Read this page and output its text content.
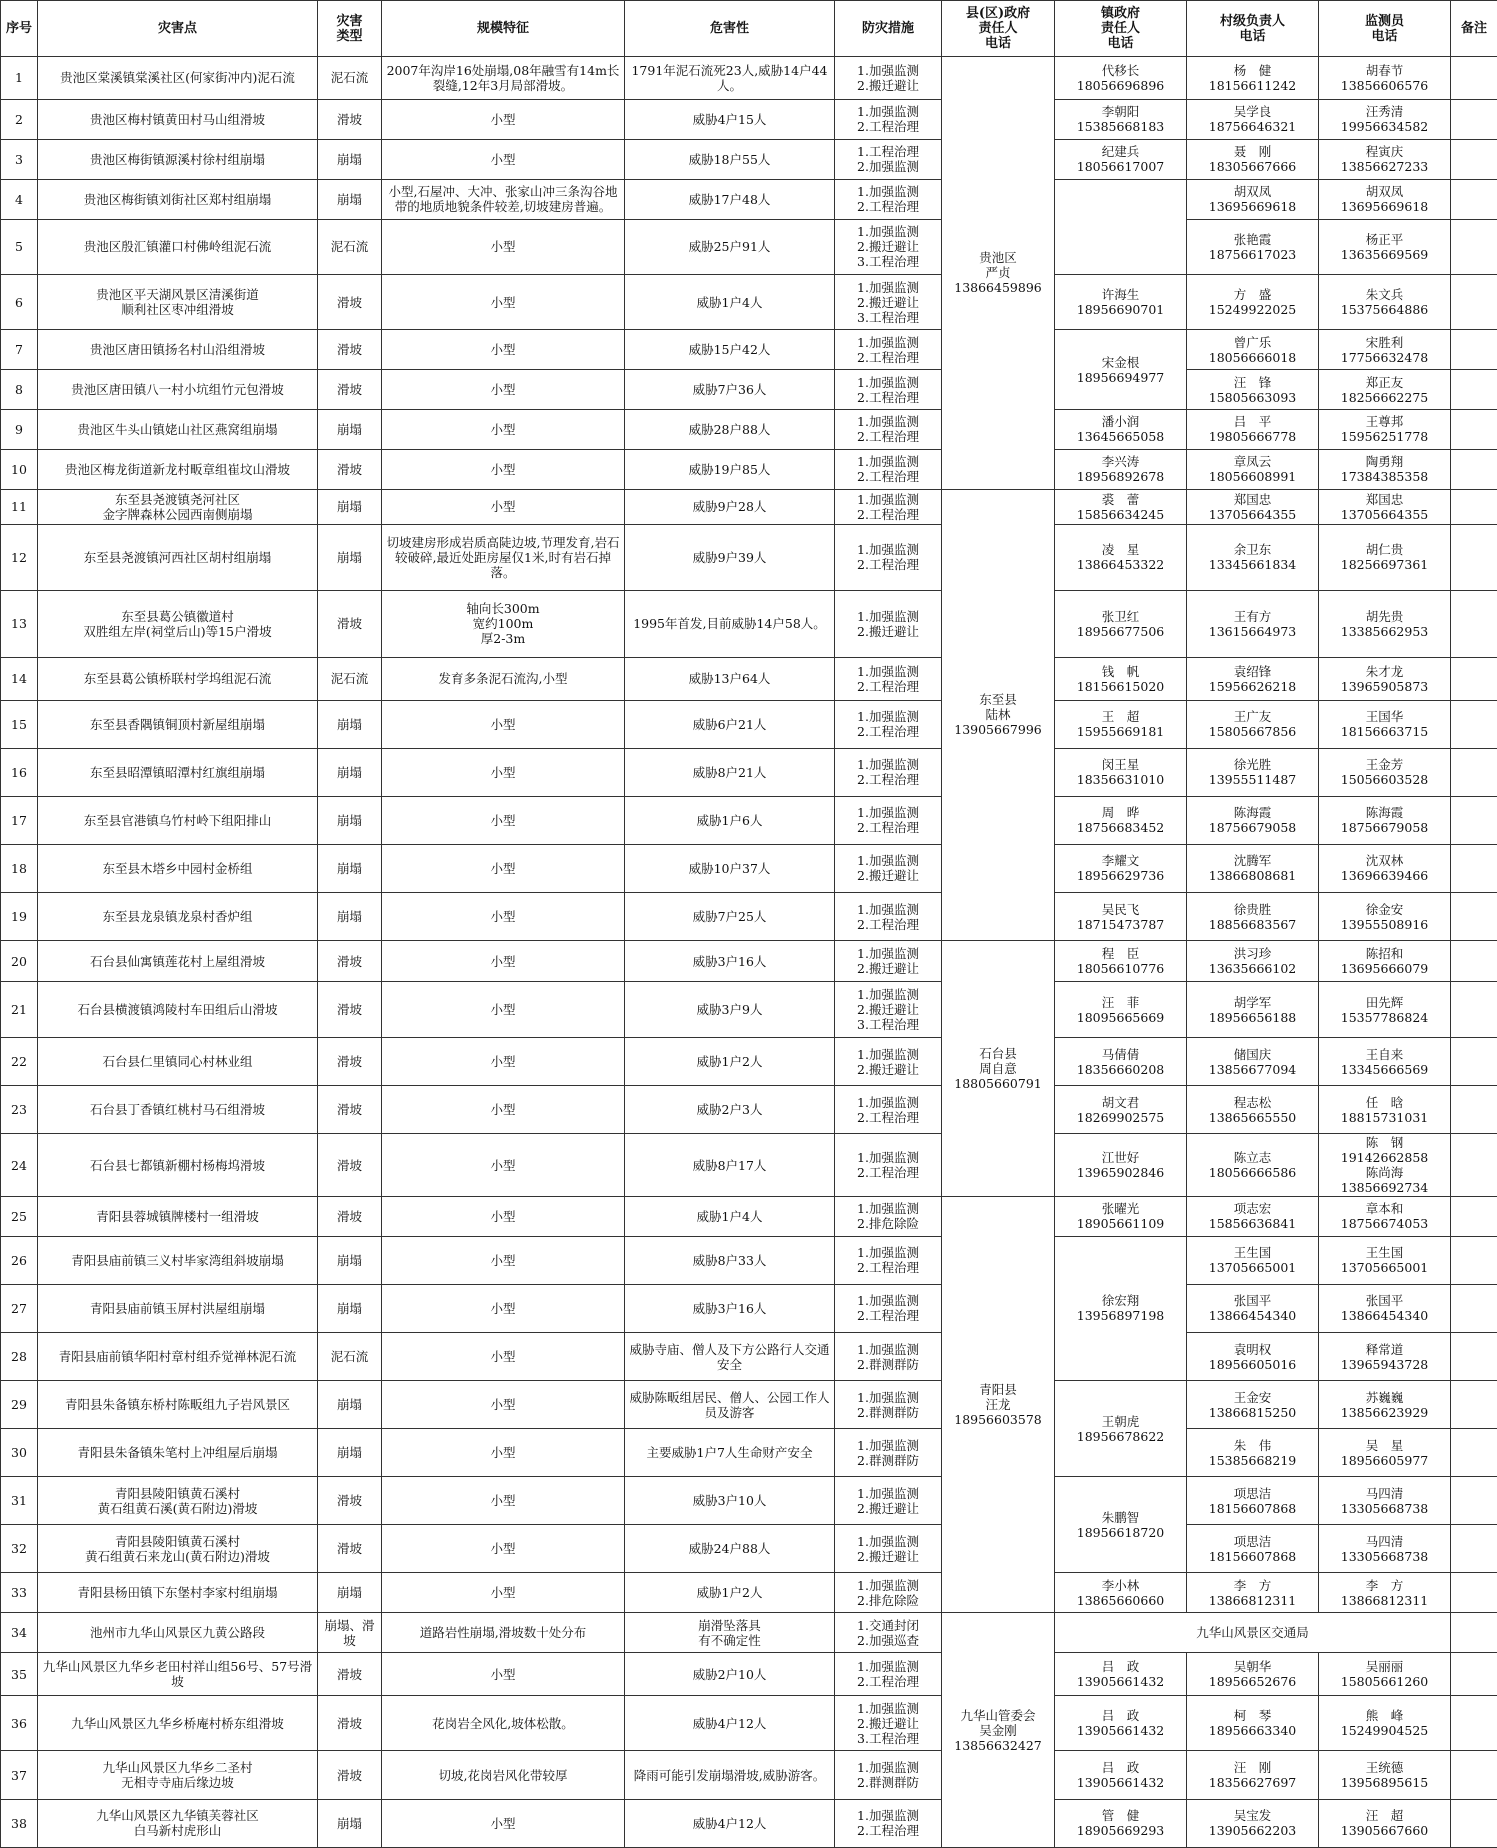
序号	灾害点	灾害
类型	规模特征	危害性	防灾措施	县(区)政府
责任人
电话	镇政府
责任人
电话	村级负责人
电话	监测员
电话	备注
1	贵池区棠溪镇棠溪社区(何家街冲内)泥石流	泥石流	2007年沟岸16处崩塌,08年融雪有14m长裂缝,12年3月局部滑坡。	1791年泥石流死23人,威胁14户44人。	1.加强监测
2.搬迁避让	贵池区
严贞
13866459896	代移长 18056696896	杨　健 18156611242	胡春节 13856606576	
2	贵池区梅村镇黄田村马山组滑坡	滑坡	小型	威胁4户15人	1.加强监测
2.工程治理		李朝阳 15385668183	吴学良 18756646321	汪秀清 19956634582	
3	贵池区梅街镇源溪村徐村组崩塌	崩塌	小型	威胁18户55人	1.工程治理
2.加强监测		纪建兵 18056617007	聂　刚 18305667666	程寅庆 13856627233	
4	贵池区梅街镇刘街社区郑村组崩塌	崩塌	小型,石屋冲、大冲、张家山冲三条沟谷地带的地质地貌条件较差,切坡建房普遍。	威胁17户48人	1.加强监测
2.工程治理			胡双凤 13695669618	胡双凤 13695669618	
5	贵池区殷汇镇灌口村佛岭组泥石流	泥石流	小型	威胁25户91人	1.加强监测
2.搬迁避让
3.工程治理			张艳霞 18756617023	杨正平 13635669569	
6	贵池区平天湖风景区清溪街道
顺利社区枣冲组滑坡	滑坡	小型	威胁1户4人	1.加强监测
2.搬迁避让
3.工程治理		许海生 18956690701	方　盛 15249922025	朱文兵 15375664886	
7	贵池区唐田镇扬名村山沿组滑坡	滑坡	小型	威胁15户42人	1.加强监测
2.工程治理		宋金根 18956694977	曾广乐 18056666018	宋胜利 17756632478	
8	贵池区唐田镇八一村小坑组竹元包滑坡	滑坡	小型	威胁7户36人	1.加强监测
2.工程治理			汪　锋 15805663093	郑正友 18256662275	
9	贵池区牛头山镇姥山社区燕窝组崩塌	崩塌	小型	威胁28户88人	1.加强监测
2.工程治理		潘小润 13645665058	吕　平 19805666778	王尊邦 15956251778	
10	贵池区梅龙街道新龙村畈章组崔坟山滑坡	滑坡	小型	威胁19户85人	1.加强监测
2.工程治理		李兴涛 18956892678	章凤云 18056608991	陶勇翔 17384385358	
11	东至县尧渡镇尧河社区
金字牌森林公园西南侧崩塌	崩塌	小型	威胁9户28人	1.加强监测
2.工程治理	东至县
陆林
13905667996	裘　蕾 15856634245	郑国忠 13705664355	郑国忠 13705664355	
12	东至县尧渡镇河西社区胡村组崩塌	崩塌	切坡建房形成岩质高陡边坡,节理发育,岩石较破碎,最近处距房屋仅1米,时有岩石掉落。	威胁9户39人	1.加强监测
2.工程治理		凌　星 13866453322	余卫东 13345661834	胡仁贵 18256697361	
13	东至县葛公镇徽道村
双胜组左岸(祠堂后山)等15户滑坡	滑坡	轴向长300m
宽约100m
厚2-3m	1995年首发,目前威胁14户58人。	1.加强监测
2.搬迁避让		张卫红 18956677506	王有方 13615664973	胡先贵 13385662953	
14	东至县葛公镇桥联村学坞组泥石流	泥石流	发育多条泥石流沟,小型	威胁13户64人	1.加强监测
2.工程治理		钱　帆 18156615020	袁绍锋 15956626218	朱才龙 13965905873	
15	东至县香隅镇铜顶村新屋组崩塌	崩塌	小型	威胁6户21人	1.加强监测
2.工程治理		王　超 15955669181	王广友 15805667856	王国华 18156663715	
16	东至县昭潭镇昭潭村红旗组崩塌	崩塌	小型	威胁8户21人	1.加强监测
2.工程治理		闵王星 18356631010	徐光胜 13955511487	王金芳 15056603528	
17	东至县官港镇乌竹村岭下组阳排山	崩塌	小型	威胁1户6人	1.加强监测
2.工程治理		周　晔 18756683452	陈海霞 18756679058	陈海霞 18756679058	
18	东至县木塔乡中园村金桥组	崩塌	小型	威胁10户37人	1.加强监测
2.搬迁避让		李耀文 18956629736	沈腾军 13866808681	沈双林 13696639466	
19	东至县龙泉镇龙泉村香炉组	崩塌	小型	威胁7户25人	1.加强监测
2.工程治理		吴民飞 18715473787	徐贵胜 18856683567	徐金安 13955508916	
20	石台县仙寓镇莲花村上屋组滑坡	滑坡	小型	威胁3户16人	1.加强监测
2.搬迁避让	石台县
周自意
18805660791	程　臣 18056610776	洪习珍 13635666102	陈招和 13695666079	
21	石台县横渡镇鸿陵村车田组后山滑坡	滑坡	小型	威胁3户9人	1.加强监测
2.搬迁避让
3.工程治理		汪　菲 18095665669	胡学军 18956656188	田先辉 15357786824	
22	石台县仁里镇同心村林业组	滑坡	小型	威胁1户2人	1.加强监测
2.搬迁避让		马倩倩 18356660208	储国庆 13856677094	王自来 13345666569	
23	石台县丁香镇红桃村马石组滑坡	滑坡	小型	威胁2户3人	1.加强监测
2.工程治理		胡文君 18269902575	程志松 13865665550	任　晗 18815731031	
24	石台县七都镇新棚村杨梅坞滑坡	滑坡	小型	威胁8户17人	1.加强监测
2.工程治理		江世好 13965902846	陈立志 18056666586	陈　钢 19142662858
陈尚海 13856692734	
25	青阳县蓉城镇牌楼村一组滑坡	滑坡	小型	威胁1户4人	1.加强监测
2.排危除险	青阳县
汪龙
18956603578	张曜光 18905661109	项志宏 15856636841	章本和 18756674053	
26	青阳县庙前镇三义村毕家湾组斜坡崩塌	崩塌	小型	威胁8户33人	1.加强监测
2.工程治理		徐宏翔 13956897198	王生国 13705665001	王生国 13705665001	
27	青阳县庙前镇玉屏村洪屋组崩塌	崩塌	小型	威胁3户16人	1.加强监测
2.工程治理			张国平 13866454340	张国平 13866454340	
28	青阳县庙前镇华阳村章村组乔觉禅林泥石流	泥石流	小型	威胁寺庙、僧人及下方公路行人交通安全	1.加强监测
2.群测群防			袁明权 18956605016	释常道 13965943728	
29	青阳县朱备镇东桥村陈畈组九子岩风景区	崩塌	小型	威胁陈畈组居民、僧人、公园工作人员及游客	1.加强监测
2.群测群防		王朝虎 18956678622	王金安 13866815250	苏巍巍 13856623929	
30	青阳县朱备镇朱笔村上冲组屋后崩塌	崩塌	小型	主要威胁1户7人生命财产安全	1.加强监测
2.群测群防			朱　伟 15385668219	吴　星 18956605977	
31	青阳县陵阳镇黄石溪村
黄石组黄石溪(黄石附边)滑坡	滑坡	小型	威胁3户10人	1.加强监测
2.搬迁避让		朱鹏智 18956618720	项思洁 18156607868	马四清 13305668738	
32	青阳县陵阳镇黄石溪村
黄石组黄石来龙山(黄石附边)滑坡	滑坡	小型	威胁24户88人	1.加强监测
2.搬迁避让			项思洁 18156607868	马四清 13305668738	
33	青阳县杨田镇下东堡村李家村组崩塌	崩塌	小型	威胁1户2人	1.加强监测
2.排危除险		李小林 13865660660	李　方 13866812311	李　方 13866812311	
34	池州市九华山风景区九黄公路段	崩塌、滑坡	道路岩性崩塌,滑坡数十处分布	崩滑坠落具
有不确定性	1.交通封闭
2.加强巡查	九华山管委会
吴金刚
13856632427	九华山风景区交通局			
35	九华山风景区九华乡老田村祥山组56号、57号滑坡	滑坡	小型	威胁2户10人	1.加强监测
2.工程治理		吕　政 13905661432	吴朝华 18956652676	吴丽丽 15805661260	
36	九华山风景区九华乡桥庵村桥东组滑坡	滑坡	花岗岩全风化,坡体松散。	威胁4户12人	1.加强监测
2.搬迁避让
3.工程治理		吕　政 13905661432	柯　琴 18956663340	熊　峰 15249904525	
37	九华山风景区九华乡二圣村
无相寺寺庙后缘边坡	滑坡	切坡,花岗岩风化带较厚	降雨可能引发崩塌滑坡,威胁游客。	1.加强监测
2.群测群防		吕　政 13905661432	汪　刚 18356627697	王统德 13956895615	
38	九华山风景区九华镇芙蓉社区
白马新村虎形山	崩塌	小型	威胁4户12人	1.加强监测
2.工程治理		管　健 18905669293	吴宝发 13905662203	汪　超 13905667660	
